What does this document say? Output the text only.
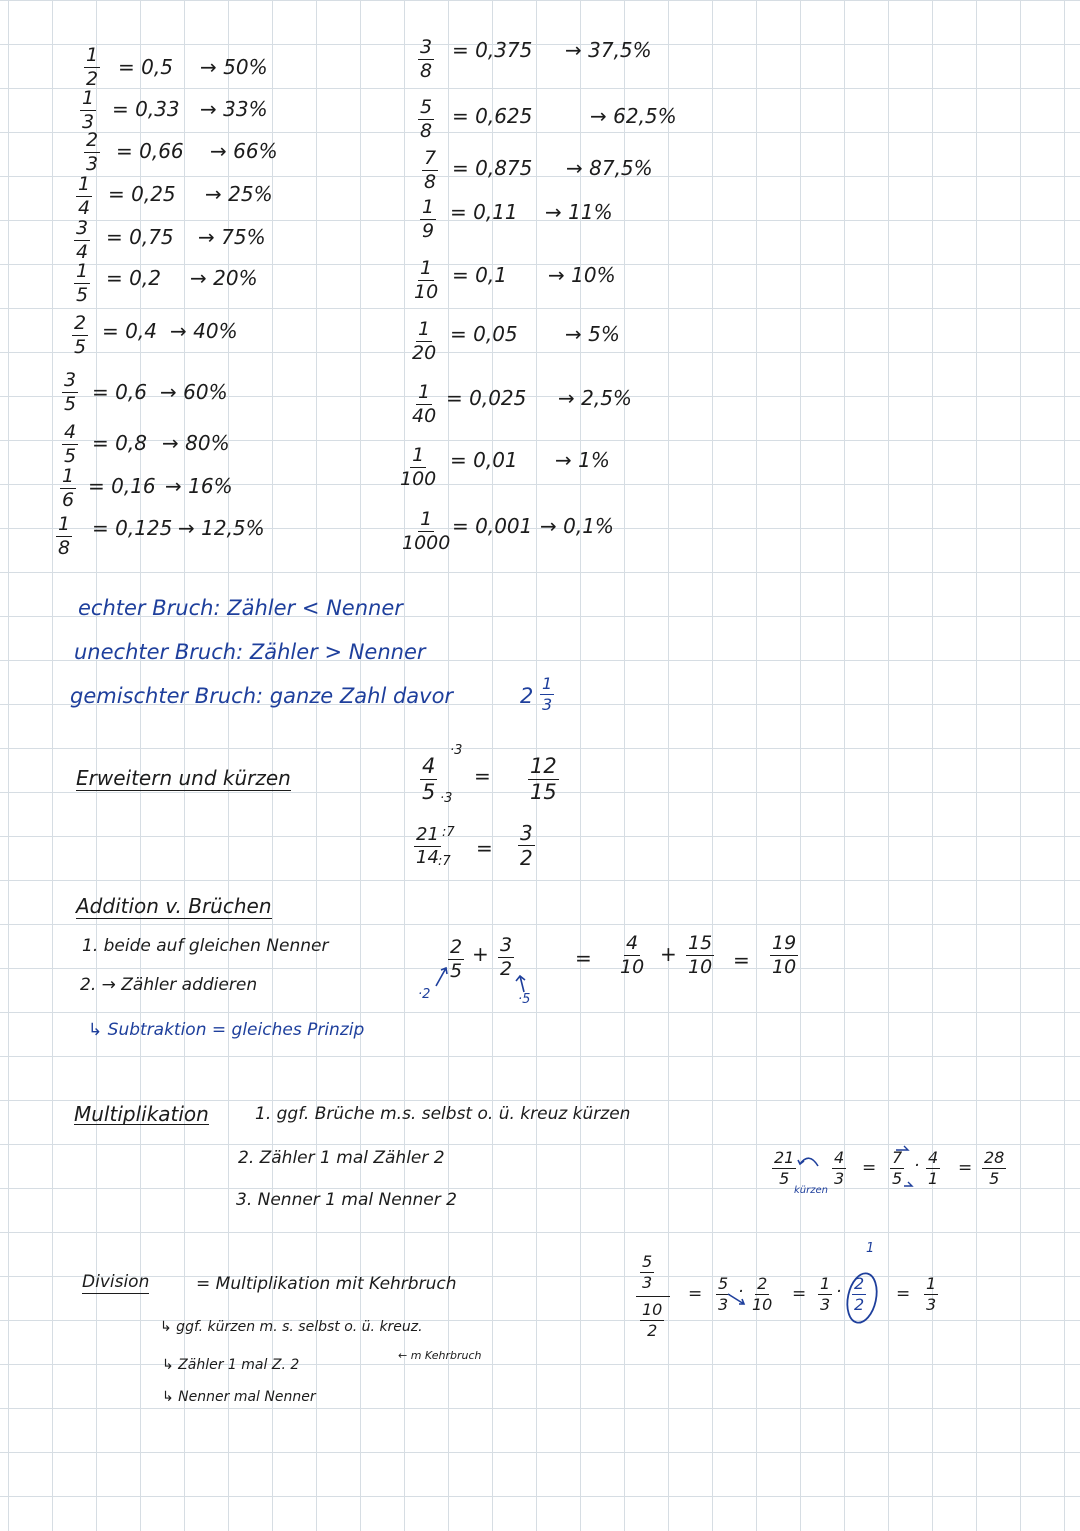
$\frac{1}{2} = 0,5 \to 50\%$
$\frac{1}{3} = 0,33 \to 33\%$
$\frac{2}{3} = 0,66 \to 66\%$
$\frac{1}{4} = 0,25 \to 25\%$
$\frac{3}{4} = 0,75 \to 75\%$
$\frac{1}{5} = 0,2 \to 20\%$
$\frac{2}{5} = 0,4 \to 40\%$
$\frac{3}{5} = 0,6 \to 60\%$
$\frac{4}{5} = 0,8 \to 80\%$
$\frac{1}{6} = 0,16 \to 16\%$
$\frac{1}{8} = 0,125 \to 12,5\%$
$\frac{3}{8} = 0,375 \to 37,5\%$
$\frac{5}{8} = 0,625$	→ 62,5%
$\frac{7}{8} = 0,875 \to 87,5\%$
$\frac{1}{9} = 0,11 \to 11\%$
$\frac{1}{10} = 0,1 \to 10\%$
$\frac{1}{20} = 0,05 \to 5\%$
$\frac{1}{40} = 0,025 \to 2,5\%$
$\frac{1}{100} = 0,01 \to 1\%$
$\frac{1}{1000} = 0,001 \to 0,1\%$
echter Bruch: Zähler < Nenner
unechter Bruch: Zähler > Nenner
gemischter Bruch: ganze Zahl davor	$2 \frac{1}{3}$
Erweitern und kürzen	$\frac{4}{5}$
·3
·3
= $\frac{12}{15}$
$\frac{21}{14}$ :7
:7
= $\frac{3}{2}$
Addition v. Brüchen
1. beide auf gleichen Nenner
2. → Zähler addieren
↳ Subtraktion = gleiches Prinzip
$\frac{2}{5} + \frac{3}{2}$
·2	·5
= $\frac{4}{10} + \frac{15}{10} = \frac{19}{10}$
Multiplikation	1. ggf. Brüche m.s. selbst o. ü. kreuz kürzen
2. Zähler 1 mal Zähler 2
3. Nenner 1 mal Nenner 2
$\frac{21}{5}$
kürzen
$\frac{4}{3} = \frac{7}{5} \cdot \frac{4}{1} = \frac{28}{5}$
Division	= Multiplikation mit Kehrbruch
↳ ggf. kürzen m. s. selbst o. ü. kreuz.
↳ Zähler 1 mal Z. 2
← m Kehrbruch
↳ Nenner mal Nenner
$\frac{5}{3}$
$\frac{10}{2}$
= $\frac{5}{3} \cdot \frac{2}{10} = \frac{1}{3} \cdot \frac{2}{2}$
1
= $\frac{1}{3}$
